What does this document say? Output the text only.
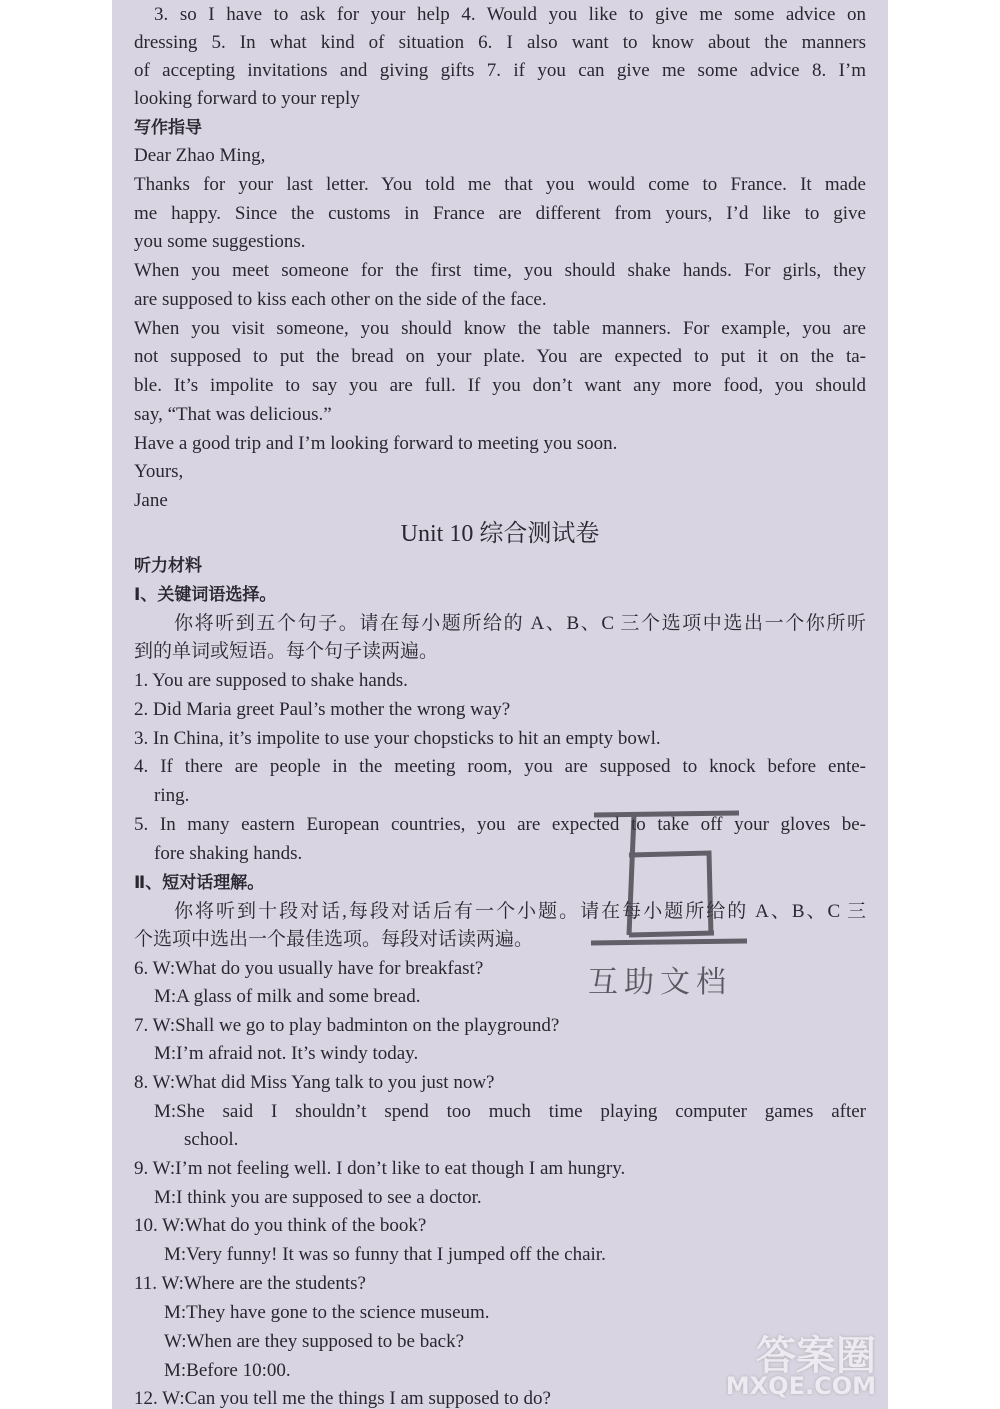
3. so I have to ask for your help 4. Would you like to give me some advice on
dressing 5. In what kind of situation 6. I also want to know about the manners
of accepting invitations and giving gifts 7. if you can give me some advice 8. I’m
looking forward to your reply
写作指导
Dear Zhao Ming,
Thanks for your last letter. You told me that you would come to France. It made
me happy. Since the customs in France are different from yours, I’d like to give
you some suggestions.
When you meet someone for the first time, you should shake hands. For girls, they
are supposed to kiss each other on the side of the face.
When you visit someone, you should know the table manners. For example, you are
not supposed to put the bread on your plate. You are expected to put it on the ta-
ble. It’s impolite to say you are full. If you don’t want any more food, you should
say, “That was delicious.”
Have a good trip and I’m looking forward to meeting you soon.
Yours,
Jane
Unit 10 综合测试卷
听力材料
Ⅰ、关键词语选择。
你将听到五个句子。请在每小题所给的 A、B、C 三个选项中选出一个你所听
到的单词或短语。每个句子读两遍。
1. You are supposed to shake hands.
2. Did Maria greet Paul’s mother the wrong way?
3. In China, it’s impolite to use your chopsticks to hit an empty bowl.
4. If there are people in the meeting room, you are supposed to knock before ente-
ring.
5. In many eastern European countries, you are expected to take off your gloves be-
fore shaking hands.
Ⅱ、短对话理解。
你将听到十段对话,每段对话后有一个小题。请在每小题所给的 A、B、C 三
个选项中选出一个最佳选项。每段对话读两遍。
6. W:What do you usually have for breakfast?
M:A glass of milk and some bread.
7. W:Shall we go to play badminton on the playground?
M:I’m afraid not. It’s windy today.
8. W:What did Miss Yang talk to you just now?
M:She said I shouldn’t spend too much time playing computer games after
school.
9. W:I’m not feeling well. I don’t like to eat though I am hungry.
M:I think you are supposed to see a doctor.
10. W:What do you think of the book?
M:Very funny! It was so funny that I jumped off the chair.
11. W:Where are the students?
M:They have gone to the science museum.
W:When are they supposed to be back?
M:Before 10:00.
12. W:Can you tell me the things I am supposed to do?
互助文档
答案圈
MXQE.COM
